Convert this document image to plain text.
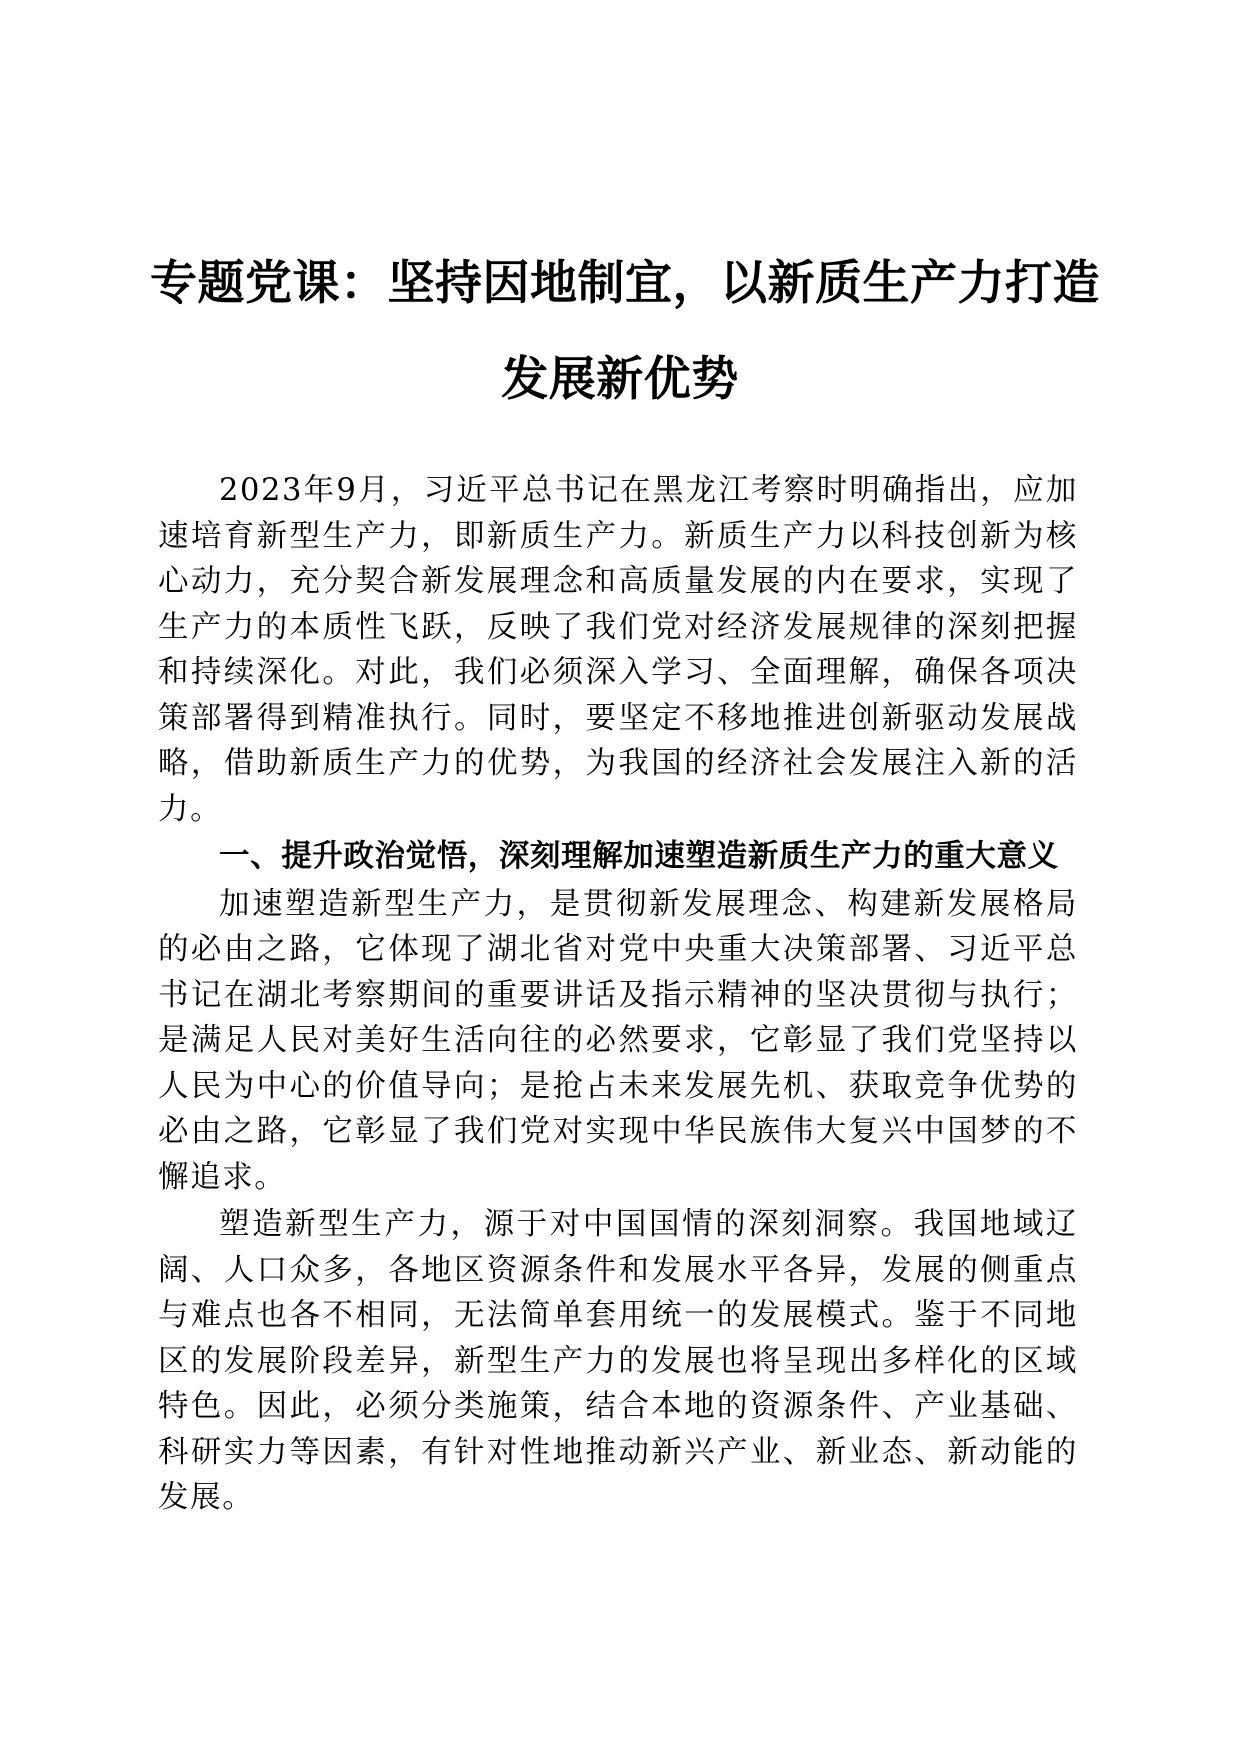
专题党课：坚持因地制宜，以新质生产力打造
发展新优势

2023年9月，习近平总书记在黑龙江考察时明确指出，应加速培育新型生产力，即新质生产力。新质生产力以科技创新为核心动力，充分契合新发展理念和高质量发展的内在要求，实现了生产力的本质性飞跃，反映了我们党对经济发展规律的深刻把握和持续深化。对此，我们必须深入学习、全面理解，确保各项决策部署得到精准执行。同时，要坚定不移地推进创新驱动发展战略，借助新质生产力的优势，为我国的经济社会发展注入新的活力。

一、提升政治觉悟，深刻理解加速塑造新质生产力的重大意义

加速塑造新型生产力，是贯彻新发展理念、构建新发展格局的必由之路，它体现了湖北省对党中央重大决策部署、习近平总书记在湖北考察期间的重要讲话及指示精神的坚决贯彻与执行；是满足人民对美好生活向往的必然要求，它彰显了我们党坚持以人民为中心的价值导向；是抢占未来发展先机、获取竞争优势的必由之路，它彰显了我们党对实现中华民族伟大复兴中国梦的不懈追求。

塑造新型生产力，源于对中国国情的深刻洞察。我国地域辽阔、人口众多，各地区资源条件和发展水平各异，发展的侧重点与难点也各不相同，无法简单套用统一的发展模式。鉴于不同地区的发展阶段差异，新型生产力的发展也将呈现出多样化的区域特色。因此，必须分类施策，结合本地的资源条件、产业基础、科研实力等因素，有针对性地推动新兴产业、新业态、新动能的发展。
